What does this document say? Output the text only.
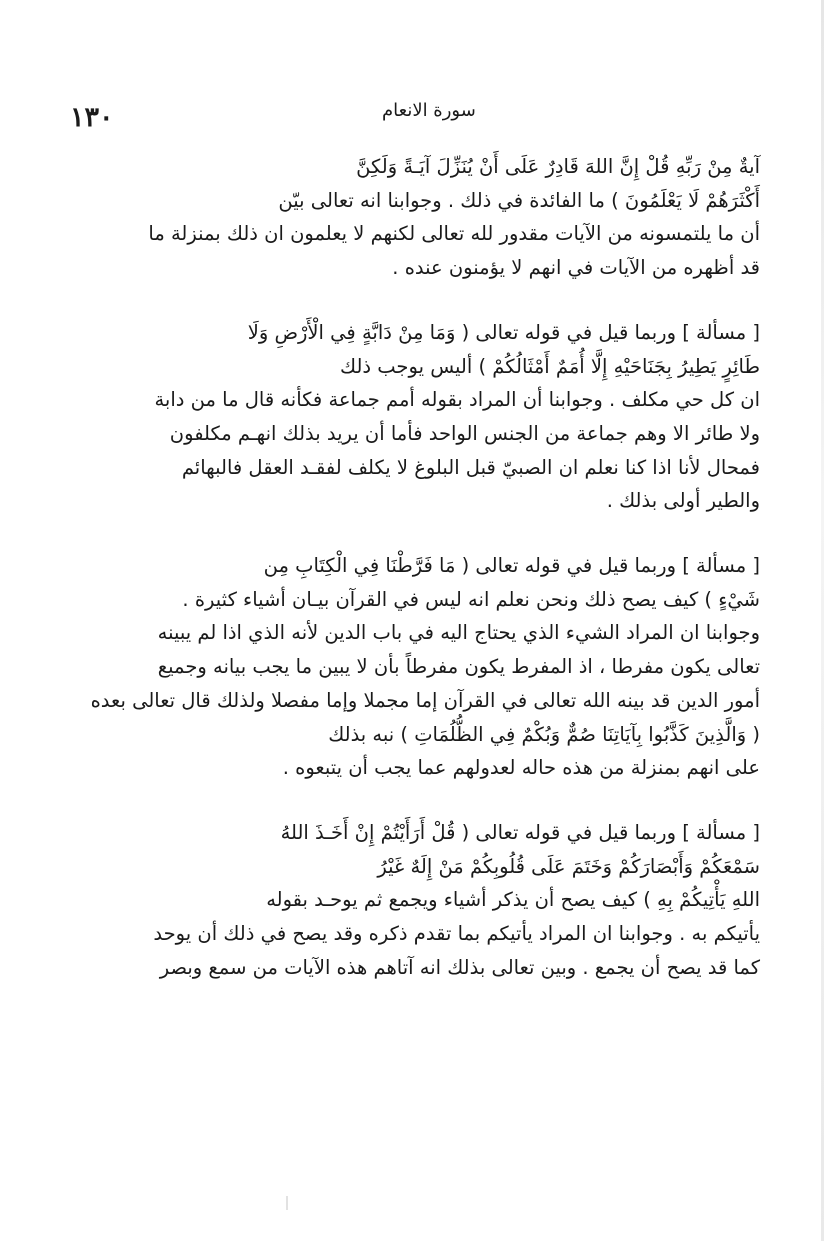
١٣٠	سورة الانعام
آيةٌ مِنْ رَبِّهِ قُلْ إِنَّ اللهَ قَادِرٌ عَلَى أَنْ يُنَزِّلَ آيَـةً وَلَكِنَّ
أَكْثَرَهُمْ لَا يَعْلَمُونَ ) ما الفائدة في ذلك . وجوابنا انه تعالى بيّن
أن ما يلتمسونه من الآيات مقدور لله تعالى لكنهم لا يعلمون ان ذلك بمنزلة ما
قد أظهره من الآيات في انهم لا يؤمنون عنده .
[ مسألة ] وربما قيل في قوله تعالى ( وَمَا مِنْ دَابَّةٍ فِي الْأَرْضِ وَلَا
طَائِرٍ يَطِيرُ بِجَنَاحَيْهِ إِلَّا أُمَمٌ أَمْثَالُكُمْ ) أليس يوجب ذلك
ان كل حي مكلف . وجوابنا أن المراد بقوله أمم جماعة فكأنه قال ما من دابة
ولا طائر الا وهم جماعة من الجنس الواحد فأما أن يريد بذلك انهـم مكلفون
فمحال لأنا اذا كنا نعلم ان الصبيّ قبل البلوغ لا يكلف لفقـد العقل فالبهائم
والطير أولى بذلك .
[ مسألة ] وربما قيل في قوله تعالى ( مَا فَرَّطْنَا فِي الْكِتَابِ مِن
شَيْءٍ ) كيف يصح ذلك ونحن نعلم انه ليس في القرآن بيـان أشياء كثيرة .
وجوابنا ان المراد الشيء الذي يحتاج اليه في باب الدين لأنه الذي اذا لم يبينه
تعالى يكون مفرطا ، اذ المفرط يكون مفرطاً بأن لا يبين ما يجب بيانه وجميع
أمور الدين قد بينه الله تعالى في القرآن إما مجملا وإما مفصلا ولذلك قال تعالى بعده
( وَالَّذِينَ كَذَّبُوا بِآيَاتِنَا صُمٌّ وَبُكْمٌ فِي الظُّلُمَاتِ ) نبه بذلك
على انهم بمنزلة من هذه حاله لعدولهم عما يجب أن يتبعوه .
[ مسألة ] وربما قيل في قوله تعالى ( قُلْ أَرَأَيْتُمْ إِنْ أَخَـذَ اللهُ
سَمْعَكُمْ وَأَبْصَارَكُمْ وَخَتَمَ عَلَى قُلُوبِكُمْ مَنْ إِلَهٌ غَيْرُ
اللهِ يَأْتِيكُمْ بِهِ ) كيف يصح أن يذكر أشياء ويجمع ثم يوحـد بقوله
يأتيكم به . وجوابنا ان المراد يأتيكم بما تقدم ذكره وقد يصح في ذلك أن يوحد
كما قد يصح أن يجمع . وبين تعالى بذلك انه آتاهم هذه الآيات من سمع وبصر
